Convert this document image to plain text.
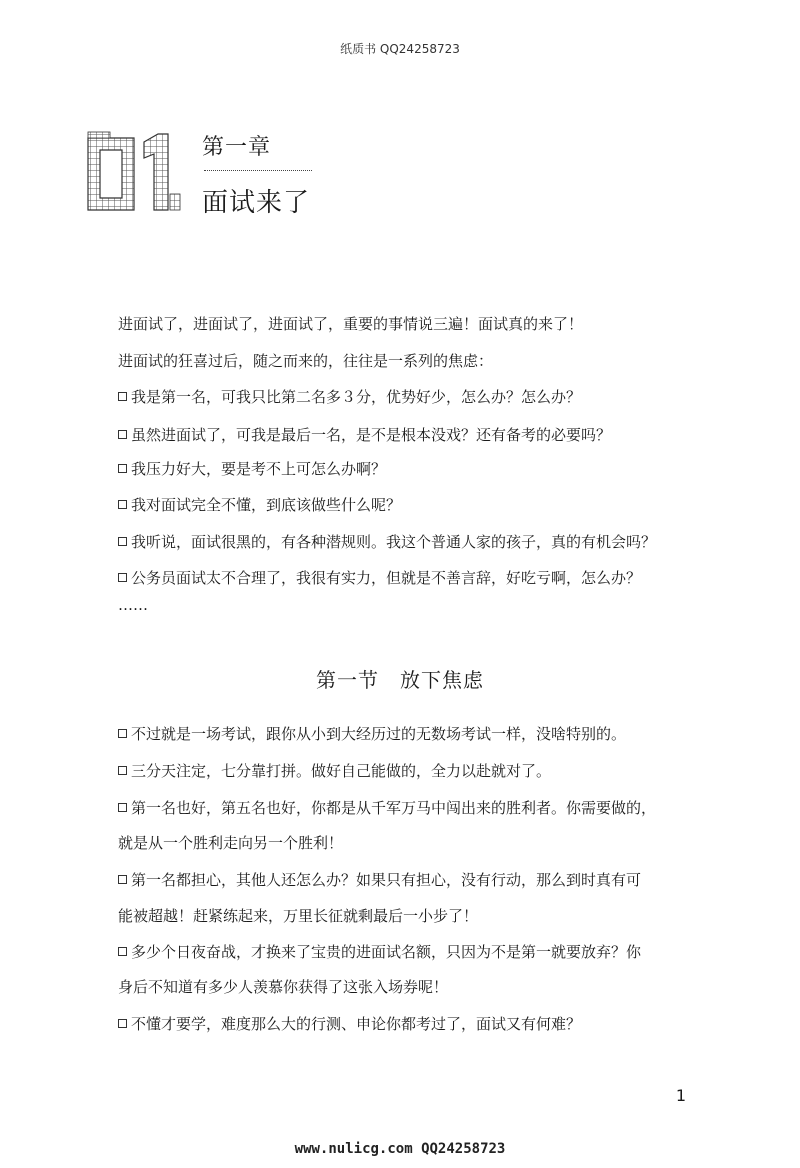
纸质书 QQ24258723
第一章
面试来了
进面试了，进面试了，进面试了，重要的事情说三遍！面试真的来了！
进面试的狂喜过后，随之而来的，往往是一系列的焦虑：
我是第一名，可我只比第二名多３分，优势好少，怎么办？怎么办？
虽然进面试了，可我是最后一名，是不是根本没戏？还有备考的必要吗？
我压力好大，要是考不上可怎么办啊？
我对面试完全不懂，到底该做些什么呢？
我听说，面试很黑的，有各种潜规则。我这个普通人家的孩子，真的有机会吗？
公务员面试太不合理了，我很有实力，但就是不善言辞，好吃亏啊，怎么办？
……
第一节　放下焦虑
不过就是一场考试，跟你从小到大经历过的无数场考试一样，没啥特别的。
三分天注定，七分靠打拼。做好自己能做的，全力以赴就对了。
第一名也好，第五名也好，你都是从千军万马中闯出来的胜利者。你需要做的，
就是从一个胜利走向另一个胜利！
第一名都担心，其他人还怎么办？如果只有担心，没有行动，那么到时真有可
能被超越！赶紧练起来，万里长征就剩最后一小步了！
多少个日夜奋战，才换来了宝贵的进面试名额，只因为不是第一就要放弃？你
身后不知道有多少人羡慕你获得了这张入场券呢！
不懂才要学，难度那么大的行测、申论你都考过了，面试又有何难？
1
www.nulicg.com QQ24258723
